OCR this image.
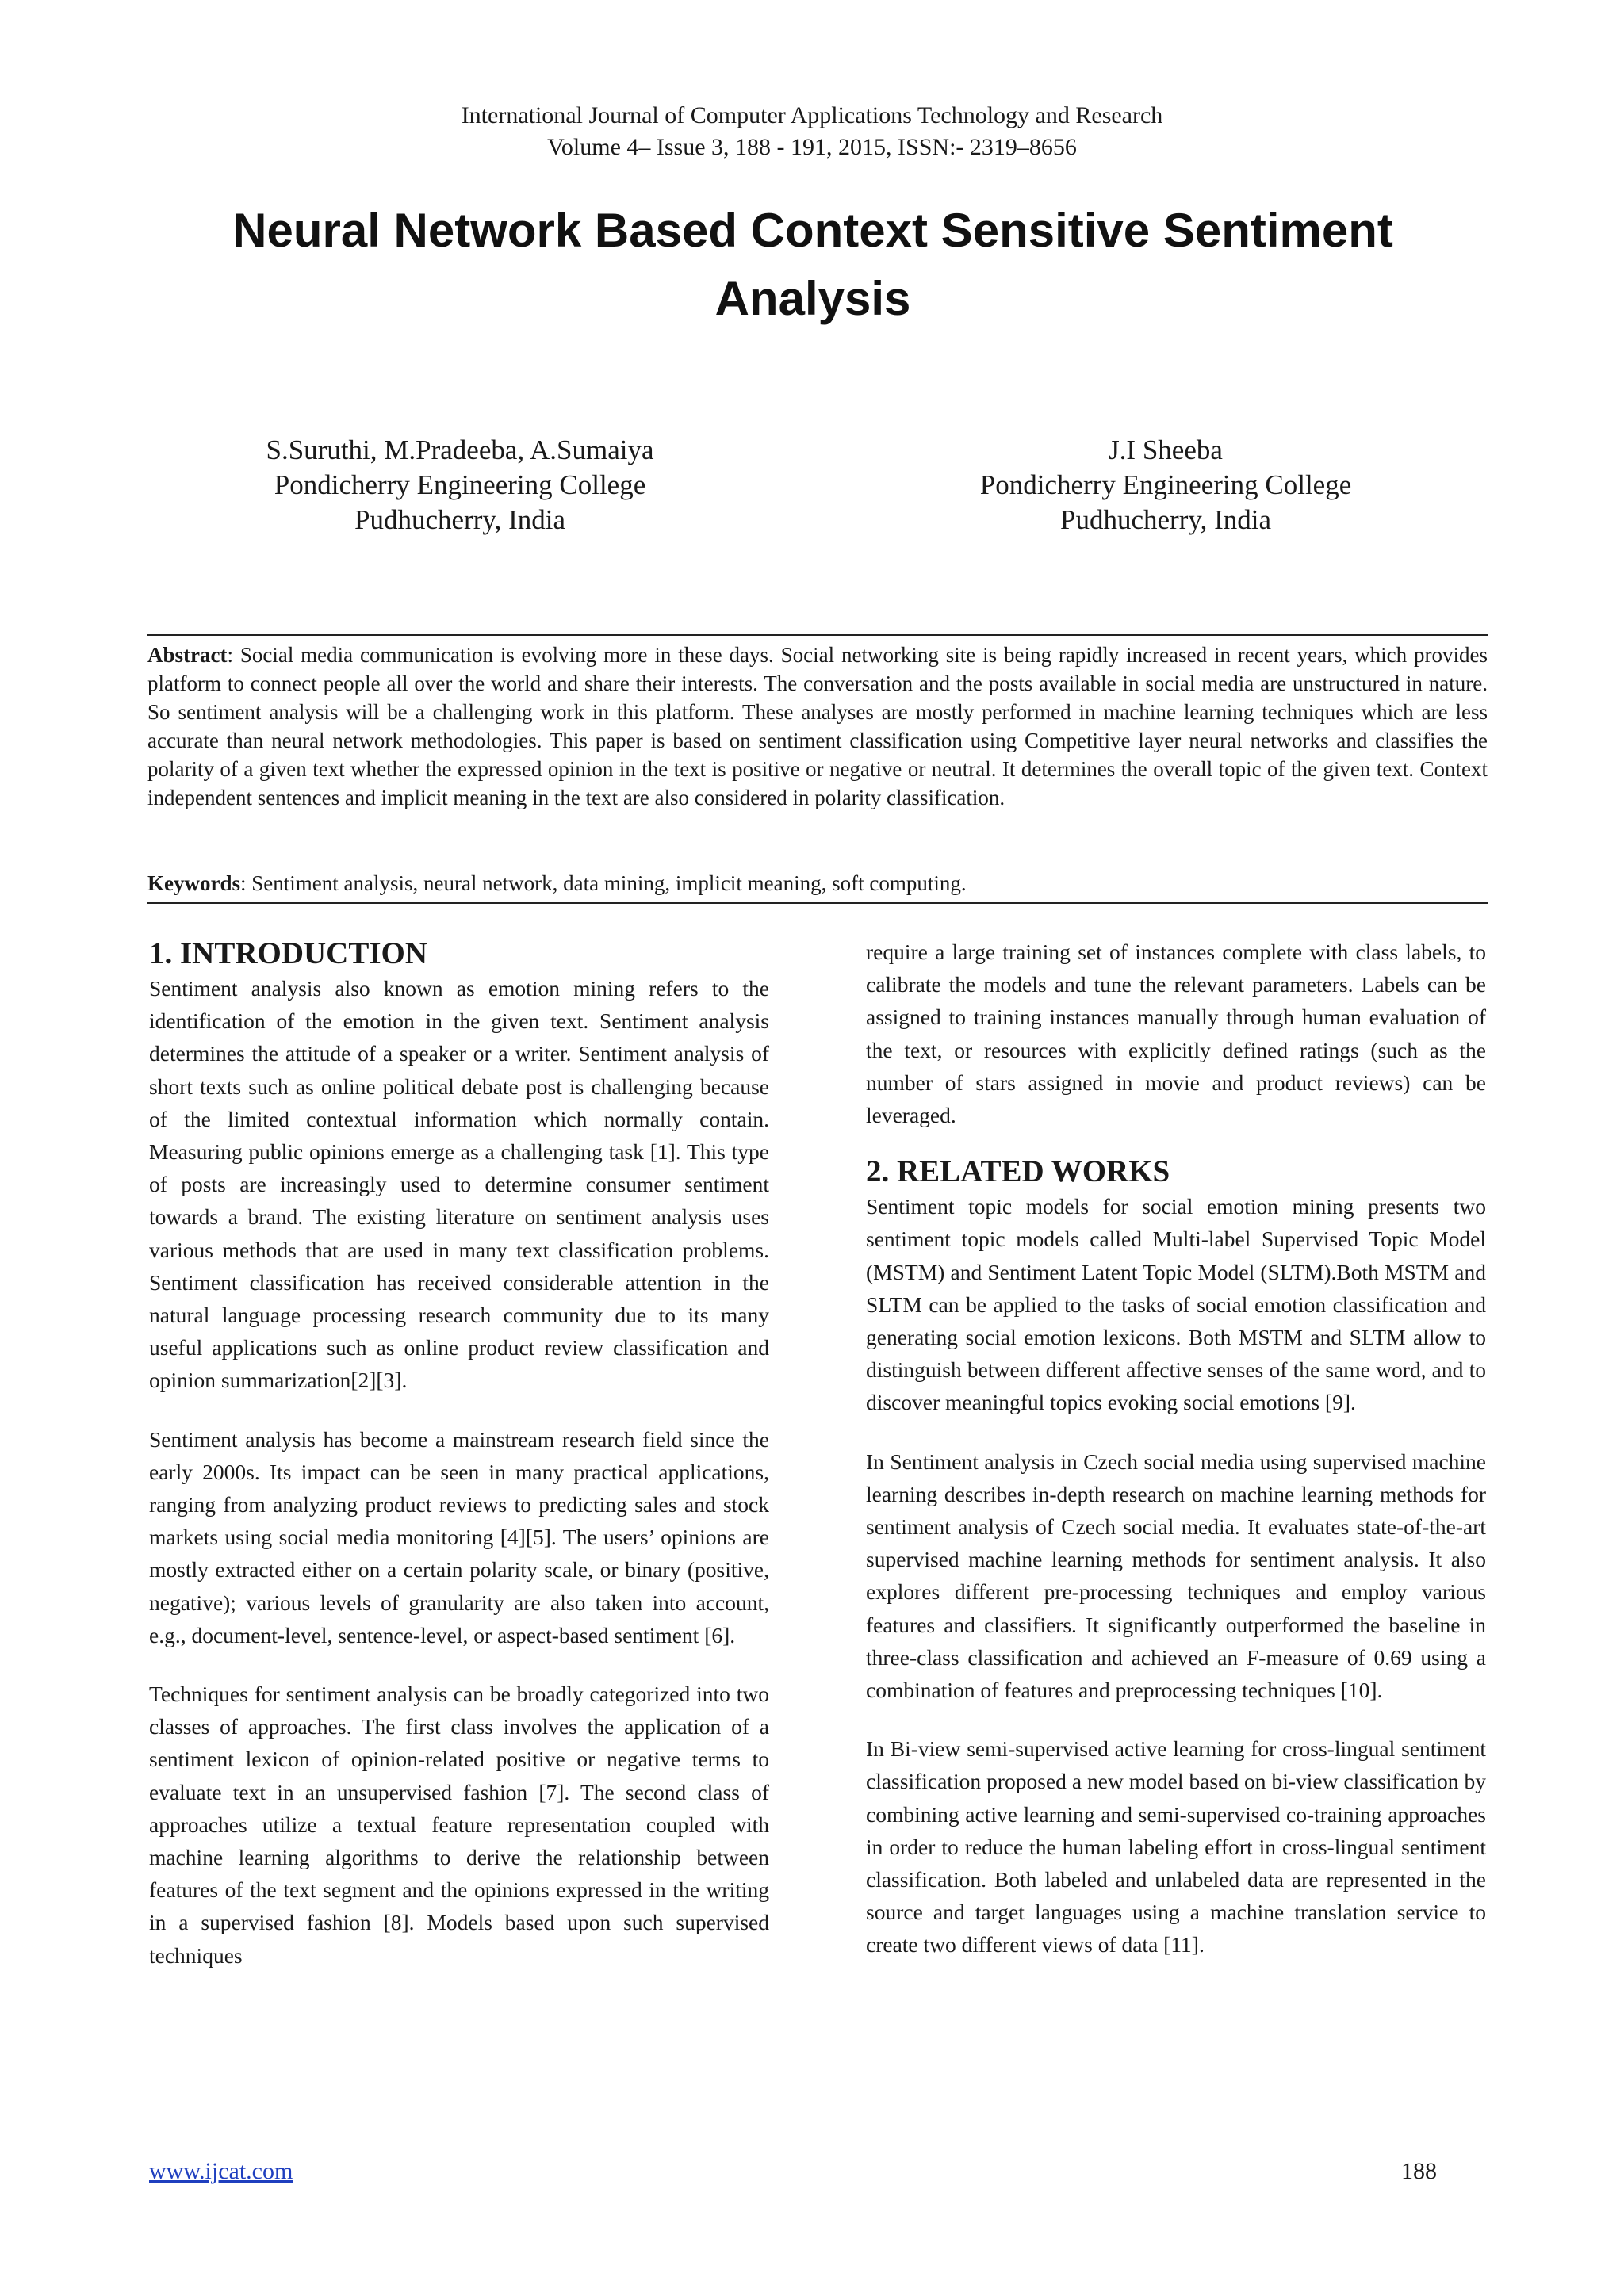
International Journal of Computer Applications Technology and Research
Volume 4– Issue 3, 188 - 191, 2015, ISSN:- 2319–8656
Neural Network Based Context Sensitive Sentiment
Analysis
S.Suruthi, M.Pradeeba, A.Sumaiya
Pondicherry Engineering College
Pudhucherry, India
J.I Sheeba
Pondicherry Engineering College
Pudhucherry, India
Abstract: Social media communication is evolving more in these days. Social networking site is being rapidly increased in recent years, which provides platform to connect people all over the world and share their interests. The conversation and the posts available in social media are unstructured in nature. So sentiment analysis will be a challenging work in this platform. These analyses are mostly performed in machine learning techniques which are less accurate than neural network methodologies. This paper is based on sentiment classification using Competitive layer neural networks and classifies the polarity of a given text whether the expressed opinion in the text is positive or negative or neutral. It determines the overall topic of the given text. Context independent sentences and implicit meaning in the text are also considered in polarity classification.
Keywords: Sentiment analysis, neural network, data mining, implicit meaning, soft computing.
1. INTRODUCTION

Sentiment analysis also known as emotion mining refers to the identification of the emotion in the given text. Sentiment analysis determines the attitude of a speaker or a writer. Sentiment analysis of short texts such as online political debate post is challenging because of the limited contextual information which normally contain. Measuring public opinions emerge as a challenging task [1]. This type of posts are increasingly used to determine consumer sentiment towards a brand. The existing literature on sentiment analysis uses various methods that are used in many text classification problems. Sentiment classification has received considerable attention in the natural language processing research community due to its many useful applications such as online product review classification and opinion summarization[2][3].

Sentiment analysis has become a mainstream research field since the early 2000s. Its impact can be seen in many practical applications, ranging from analyzing product reviews to predicting sales and stock markets using social media monitoring [4][5]. The users’ opinions are mostly extracted either on a certain polarity scale, or binary (positive, negative); various levels of granularity are also taken into account, e.g., document-level, sentence-level, or aspect-based sentiment [6].

Techniques for sentiment analysis can be broadly categorized into two classes of approaches. The first class involves the application of a sentiment lexicon of opinion-related positive or negative terms to evaluate text in an unsupervised fashion [7]. The second class of approaches utilize a textual feature representation coupled with machine learning algorithms to derive the relationship between features of the text segment and the opinions expressed in the writing in a supervised fashion [8]. Models based upon such supervised techniques

require a large training set of instances complete with class labels, to calibrate the models and tune the relevant parameters. Labels can be assigned to training instances manually through human evaluation of the text, or resources with explicitly defined ratings (such as the number of stars assigned in movie and product reviews) can be leveraged.

2. RELATED WORKS

Sentiment topic models for social emotion mining presents two sentiment topic models called Multi-label Supervised Topic Model (MSTM) and Sentiment Latent Topic Model (SLTM).Both MSTM and SLTM can be applied to the tasks of social emotion classification and generating social emotion lexicons. Both MSTM and SLTM allow to distinguish between different affective senses of the same word, and to discover meaningful topics evoking social emotions [9].

In Sentiment analysis in Czech social media using supervised machine learning describes in-depth research on machine learning methods for sentiment analysis of Czech social media. It evaluates state-of-the-art supervised machine learning methods for sentiment analysis. It also explores different pre-processing techniques and employ various features and classifiers. It significantly outperformed the baseline in three-class classification and achieved an F-measure of 0.69 using a combination of features and preprocessing techniques [10].

In Bi-view semi-supervised active learning for cross-lingual sentiment classification proposed a new model based on bi-view classification by combining active learning and semi-supervised co-training approaches in order to reduce the human labeling effort in cross-lingual sentiment classification. Both labeled and unlabeled data are represented in the source and target languages using a machine translation service to create two different views of data [11].

www.ijcat.com	188
